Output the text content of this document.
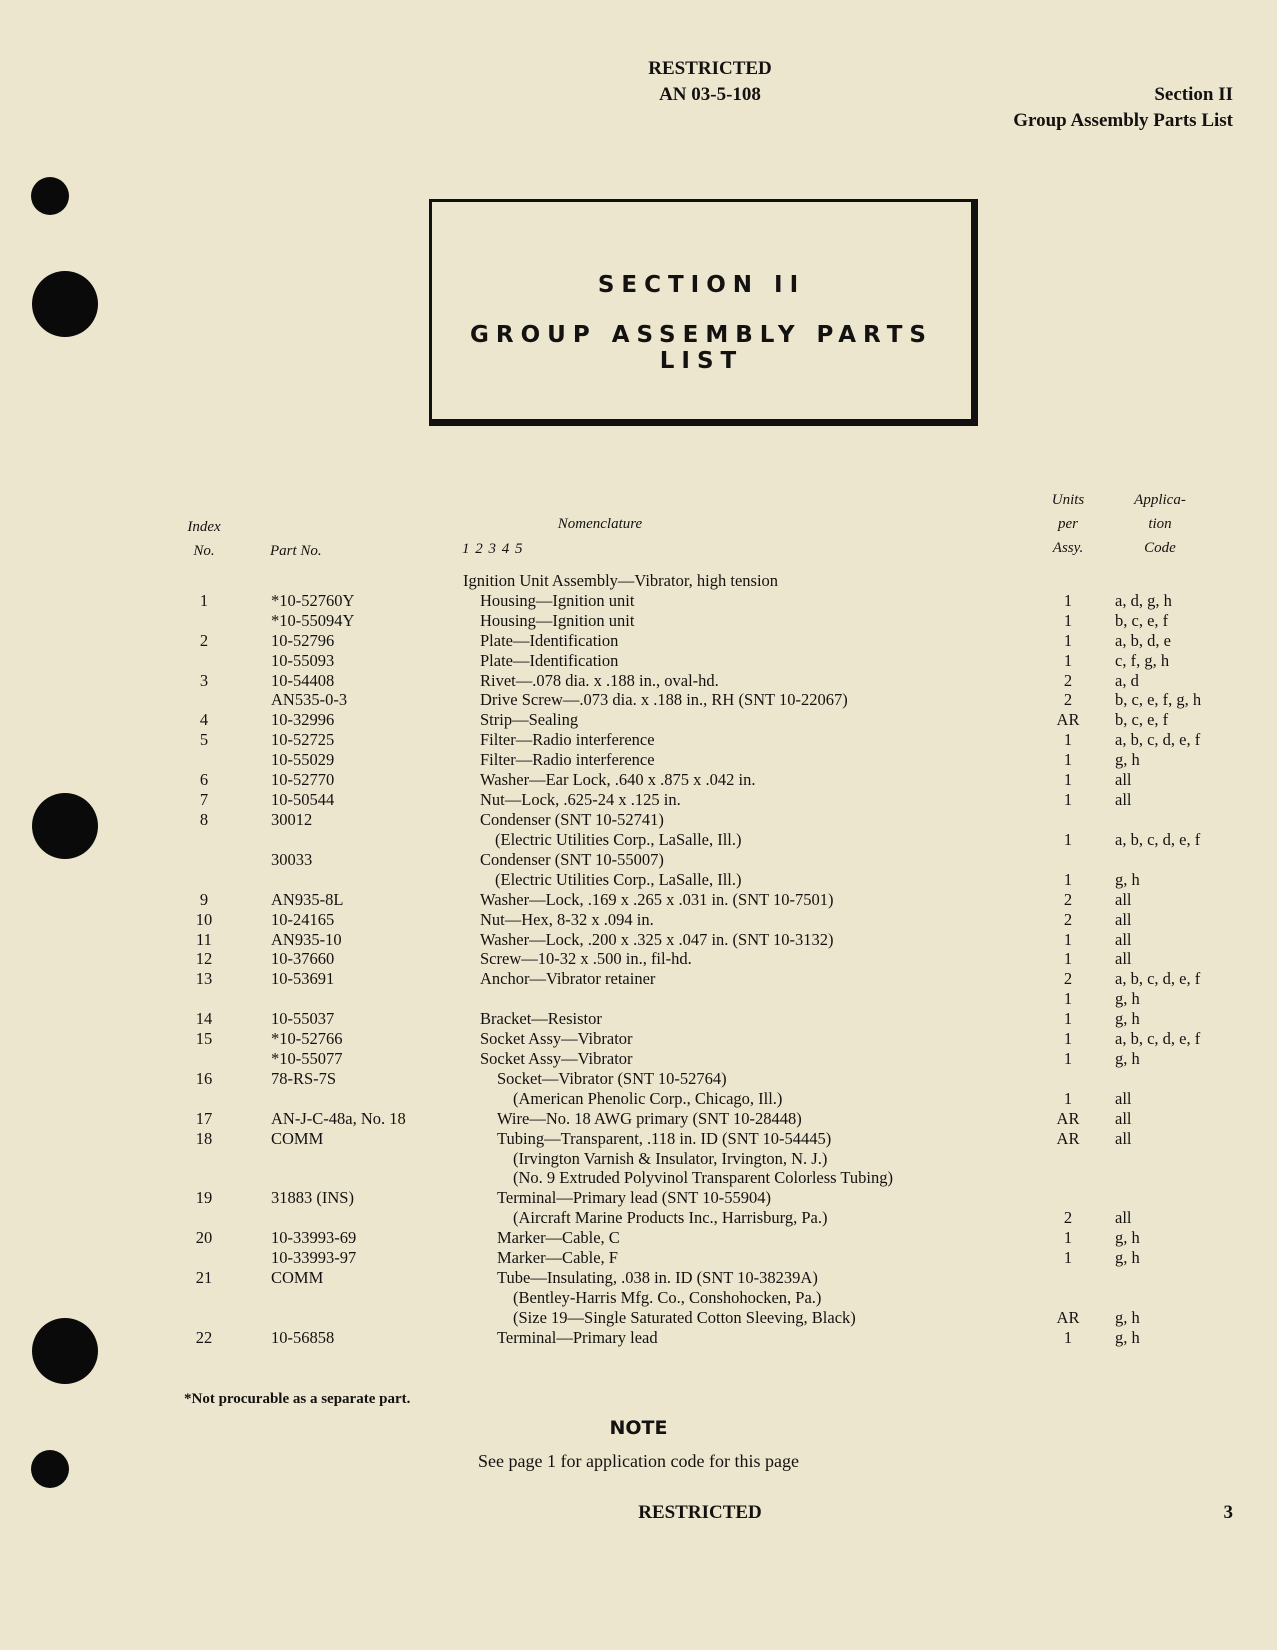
RESTRICTED
AN 03-5-108	Section II
Group Assembly Parts List
SECTION II
GROUP ASSEMBLY PARTS LIST
Index
No.	Part No.
Nomenclature
1 2 3 4 5
Units
per
Assy.
Applica-
tion
Code
Ignition Unit Assembly—Vibrator, high tension
1	*10-52760Y	Housing—Ignition unit	1	a, d, g, h
*10-55094Y	Housing—Ignition unit	1	b, c, e, f
2	10-52796	Plate—Identification	1	a, b, d, e
10-55093	Plate—Identification	1	c, f, g, h
3	10-54408	Rivet—.078 dia. x .188 in., oval-hd.	2	a, d
AN535-0-3	Drive Screw—.073 dia. x .188 in., RH (SNT 10-22067)	2	b, c, e, f, g, h
4	10-32996	Strip—Sealing	AR	b, c, e, f
5	10-52725	Filter—Radio interference	1	a, b, c, d, e, f
10-55029	Filter—Radio interference	1	g, h
6	10-52770	Washer—Ear Lock, .640 x .875 x .042 in.	1	all
7	10-50544	Nut—Lock, .625-24 x .125 in.	1	all
8	30012	Condenser (SNT 10-52741)
(Electric Utilities Corp., LaSalle, Ill.)	1	a, b, c, d, e, f
30033	Condenser (SNT 10-55007)
(Electric Utilities Corp., LaSalle, Ill.)	1	g, h
9	AN935-8L	Washer—Lock, .169 x .265 x .031 in. (SNT 10-7501)	2	all
10	10-24165	Nut—Hex, 8-32 x .094 in.	2	all
11	AN935-10	Washer—Lock, .200 x .325 x .047 in. (SNT 10-3132)	1	all
12	10-37660	Screw—10-32 x .500 in., fil-hd.	1	all
13	10-53691	Anchor—Vibrator retainer	2	a, b, c, d, e, f
1	g, h
14	10-55037	Bracket—Resistor	1	g, h
15	*10-52766	Socket Assy—Vibrator	1	a, b, c, d, e, f
*10-55077	Socket Assy—Vibrator	1	g, h
16	78-RS-7S	Socket—Vibrator (SNT 10-52764)
(American Phenolic Corp., Chicago, Ill.)	1	all
17	AN-J-C-48a, No. 18	Wire—No. 18 AWG primary (SNT 10-28448)	AR	all
18	COMM	Tubing—Transparent, .118 in. ID (SNT 10-54445)	AR	all
(Irvington Varnish & Insulator, Irvington, N. J.)
(No. 9 Extruded Polyvinol Transparent Colorless Tubing)
19	31883 (INS)	Terminal—Primary lead (SNT 10-55904)
(Aircraft Marine Products Inc., Harrisburg, Pa.)	2	all
20	10-33993-69	Marker—Cable, C	1	g, h
10-33993-97	Marker—Cable, F	1	g, h
21	COMM	Tube—Insulating, .038 in. ID (SNT 10-38239A)
(Bentley-Harris Mfg. Co., Conshohocken, Pa.)
(Size 19—Single Saturated Cotton Sleeving, Black)	AR	g, h
22	10-56858	Terminal—Primary lead	1	g, h
*Not procurable as a separate part.
NOTE
See page 1 for application code for this page
RESTRICTED	3
